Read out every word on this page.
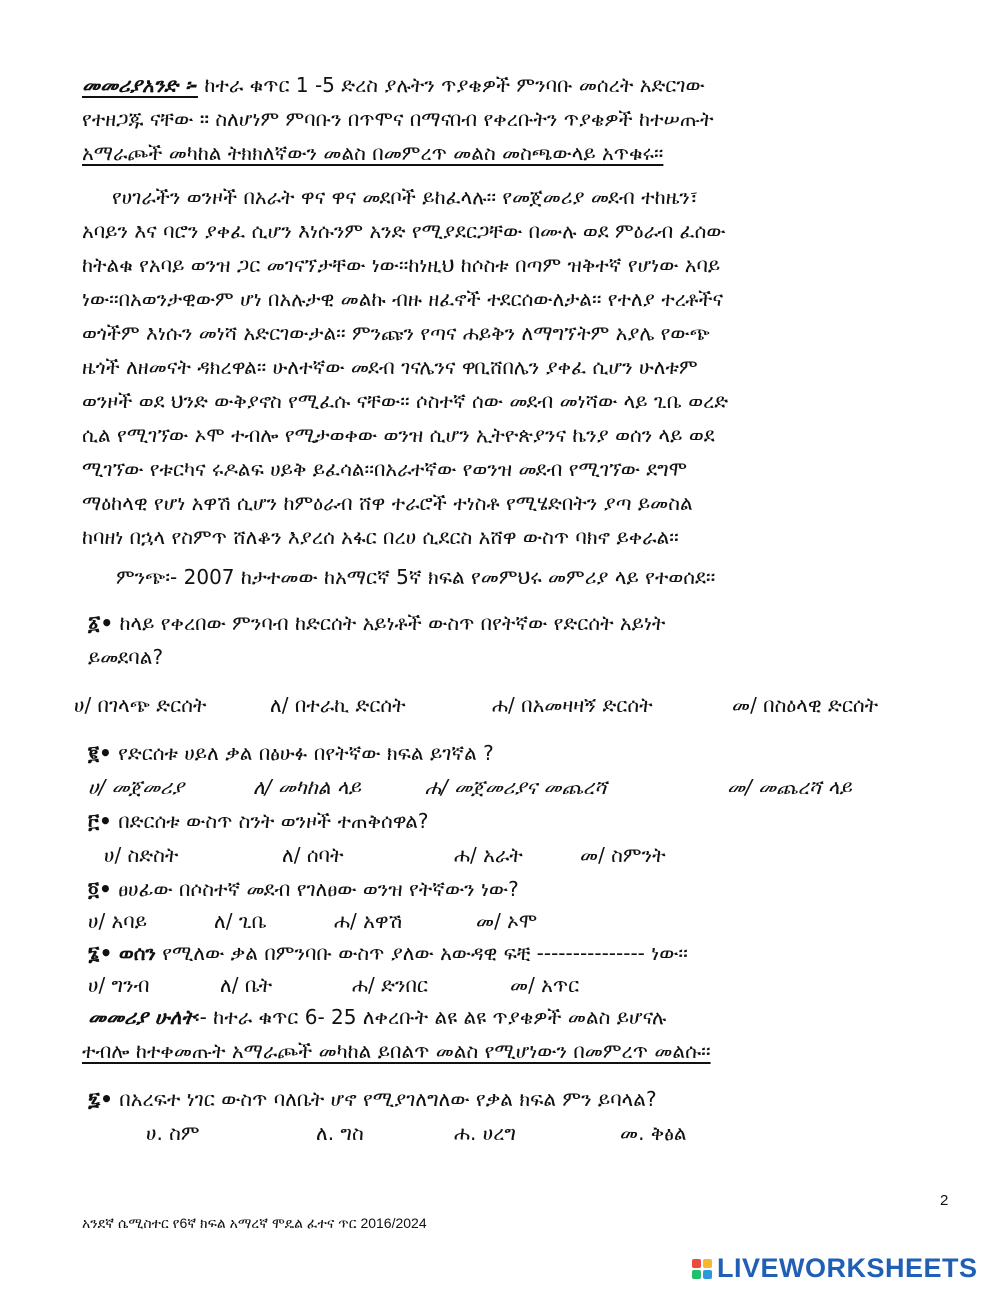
መመሪያአንድ ፡- ከተራ ቁጥር 1 -5 ድረስ ያሉትን ጥያቄዎች ምንባቡ መሰረት አድርገው
የተዘጋጁ ናቸው ። ስለሆነም ምባቡን በጥሞና በማናበብ የቀረቡትን ጥያቄዎች ከተሠጡት
አማራጮች መካከል ትክክለኛውን መልስ በመምረጥ መልስ መስጫውላይ አጥቁሩ፡፡
የሀገራችን ወንዞች በአራት ዋና ዋና መደቦች ይከፈላሉ፡፡ የመጀመሪያ መደብ ተከዜን፣
አባይን እና ባሮን ያቀፈ ሲሆን እነሱንም አንድ የሚያደርጋቸው በሙሉ ወደ ምዕራብ ፈሰው
ከትልቁ የአባይ ወንዝ ጋር መገናኘታቸው ነው፡፡ከነዚህ ከሶስቱ በጣም ዝቅተኛ የሆነው አባይ
ነው፡፡በአወንታዊውም ሆነ በአሉታዊ መልኩ ብዙ ዘፈኖች ተደርሰውለታል፡፡ የተለያ ተረቶችና
ወጎችም እነሱን መነሻ አድርገውታል፡፡ ምንጩን የጣና ሐይቅን ለማግኘትም አያሌ የውጭ
ዜጎች ለዘመናት ዳክረዋል፡፡ ሁለተኛው መደብ ገናሌንና ዋቢሸበሌን ያቀፈ ሲሆን ሁለቱም
ወንዞች ወደ ህንድ ውቅያኖስ የሚፈሱ ናቸው፡፡ ሶስተኛ ሰው መደብ መነሻው ላይ ጊቤ ወረድ
ሲል የሚገኘው ኦሞ ተብሎ የሚታወቀው ወንዝ ሲሆን ኢትዮጵያንና ኬንያ ወሰን ላይ ወደ
ሚገኘው የቱርካና ሩዶልፍ ሀይቅ ይፈሳል፡፡በአራተኛው የወንዝ መደብ የሚገኘው ደግሞ
ማዕከላዊ የሆነ አዋሽ ሲሆን ከምዕራብ ሸዋ ተራሮች ተነስቶ የሚሄድበትን ያጣ ይመስል
ከባዘነ በኋላ የስምጥ ሸለቆን እያረሰ አፋር በረሀ ሲደርስ አሸዋ ውስጥ ባክኖ ይቀራል፡፡
ምንጭ፡- 2007 ከታተመው ከአማርኛ 5ኛ ክፍል የመምህሩ መምሪያ ላይ የተወሰደ፡፡
፩• ከላይ የቀረበው ምንባብ ከድርሰት አይነቶች ውስጥ በየትኛው የድርሰት አይነት
ይመደባል?
ሀ/ በገላጭ ድርሰት	ለ/ በተራኪ ድርሰት	ሐ/ በአመዛዛኝ ድርሰት	መ/ በስዕላዊ ድርሰት
፪• የድርሰቱ ሀይለ ቃል በፅሁፉ በየትኛው ክፍል ይገኛል ?
ሀ/ መጀመሪያ	ለ/ መካከል ላይ	ሐ/ መጀመሪያና መጨረሻ	መ/ መጨረሻ ላይ
፫• በድርሰቱ ውስጥ ስንት ወንዞች ተጠቅሰዋል?
ሀ/ ስድስት	ለ/ ሰባት	ሐ/ አራት	መ/ ስምንት
፬• ፀሀፊው በሶስተኛ መደብ የገለፀው ወንዝ የትኛውን ነው?
ሀ/ አባይ	ለ/ ጊቤ	ሐ/ አዋሽ	መ/ ኦሞ
፮• ወሰን የሚለው ቃል በምንባቡ ውስጥ ያለው አውዳዊ ፍቺ --------------- ነው፡፡
ሀ/ ግንብ	ለ/ ቤት	ሐ/ ድንበር	መ/ አጥር
መመሪያ ሁለት፡- ከተራ ቁጥር 6- 25 ለቀረቡት ልዩ ልዩ ጥያቄዎች መልስ ይሆናሉ
ተብሎ ከተቀመጡት አማራጮች መካከል ይበልጥ መልስ የሚሆነውን በመምረጥ መልሱ፡፡
፯• በአረፍተ ነገር ውስጥ ባለቤት ሆኖ የሚያገለግለው የቃል ክፍል ምን ይባላል?
ሀ. ስም	ለ. ግስ	ሐ. ሀረግ	መ. ቅፅል
2
አንደኛ ሴሚስተር የ6ኛ ክፍል አማረኛ ሞዴል ፈተና ጥር 2016/2024
LIVEWORKSHEETS
